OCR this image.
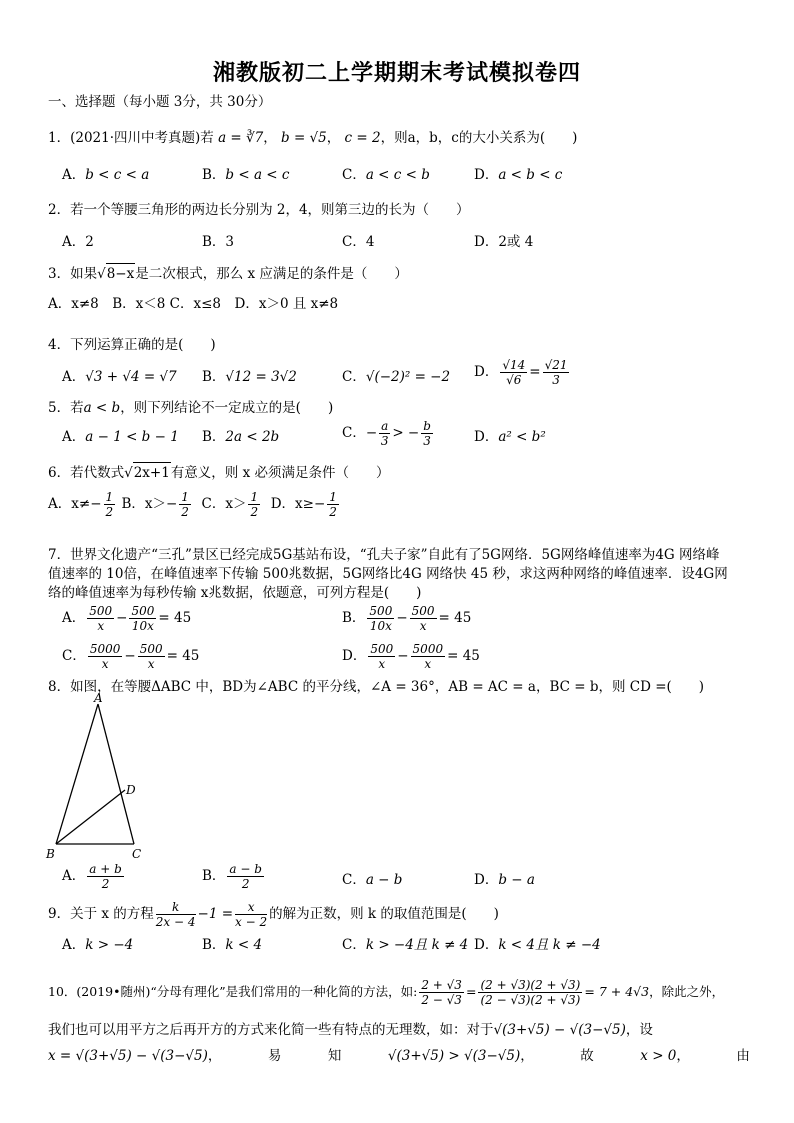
湘教版初二上学期期末考试模拟卷四
一、选择题（每小题 3分，共 30分）
1．(2021·四川中考真题)若 a = ∛7， b = √5， c = 2，则a，b，c的大小关系为(　　)
A．b < c < a	B．b < a < c	C．a < c < b	D．a < b < c
2．若一个等腰三角形的两边长分别为 2，4，则第三边的长为（　　）
A．2	B．3	C．4	D．2或 4
3．如果 √ 8−x是二次根式，那么 x 应满足的条件是（　　）
A．x≠8　B．x＜8 C．x≤8　D．x＞0 且 x≠8
4．下列运算正确的是(　　)
A．√3 + √4 = √7 B．√12 = 3√2	C．√(−2)² = −2 D． $\frac{√14}{√6} = \frac{√21}{3}$
5．若a < b，则下列结论不一定成立的是(　　)
A．a − 1 < b − 1 B．2a < 2b	C．− $\frac{a}{3}$ > − $\frac{b}{3}$	D．a² < b²
6．若代数式 √ 2x+1有意义，则 x 必须满足条件（　　）
A．$x\ne- \frac{1}{2}$ B．$x>- \frac{1}{2}$ C．$x> \frac{1}{2}$ D．$x\ge- \frac{1}{2}$
7．世界文化遗产“三孔”景区已经完成5G基站布设，“孔夫子家”自此有了5G网络．5G网络峰值速率为4G 网络峰
值速率的 10倍，在峰值速率下传输 500兆数据，5G网络比4G 网络快 45 秒，求这两种网络的峰值速率．设4G网
络的峰值速率为每秒传输 x兆数据，依题意，可列方程是(　　)
A． $\frac{500}{x} - \frac{500}{10x} = 45$	B． $\frac{500}{10x} - \frac{500}{x} = 45$
C． $\frac{5000}{x} - \frac{500}{x} = 45$	D． $\frac{500}{x} - \frac{5000}{x} = 45$
8．如图，在等腰ΔABC 中，BD为∠ABC 的平分线，∠A = 36°，AB = AC = a，BC = b，则 CD =(　　)
A
B	C
D
A． $\frac{a + b}{2}$	B． $\frac{a - b}{2}$	C．a − b	D．b − a
9．关于 x 的方程 $\frac{k}{2x - 4} -1 = \frac{x}{x - 2}$ 的解为正数，则 k 的取值范围是(　　)
A．k > −4	B．k < 4	C．k > −4且 k ≠ 4 D．k < 4且 k ≠ −4
10．(2019•随州)“分母有理化”是我们常用的一种化简的方法，如: $\frac{2 + √3}{2 - √3} = \frac{(2 + √3)(2 + √3)}{(2 - √3)(2 + √3)} = 7 + 4√3$，除此之外，
我们也可以用平方之后再开方的方式来化简一些有特点的无理数，如：对于√(3+√5) − √(3−√5)，设
x = √(3+√5) − √(3−√5)，	易	知	√(3+√5) > √(3−√5)，	故	x > 0，	由
